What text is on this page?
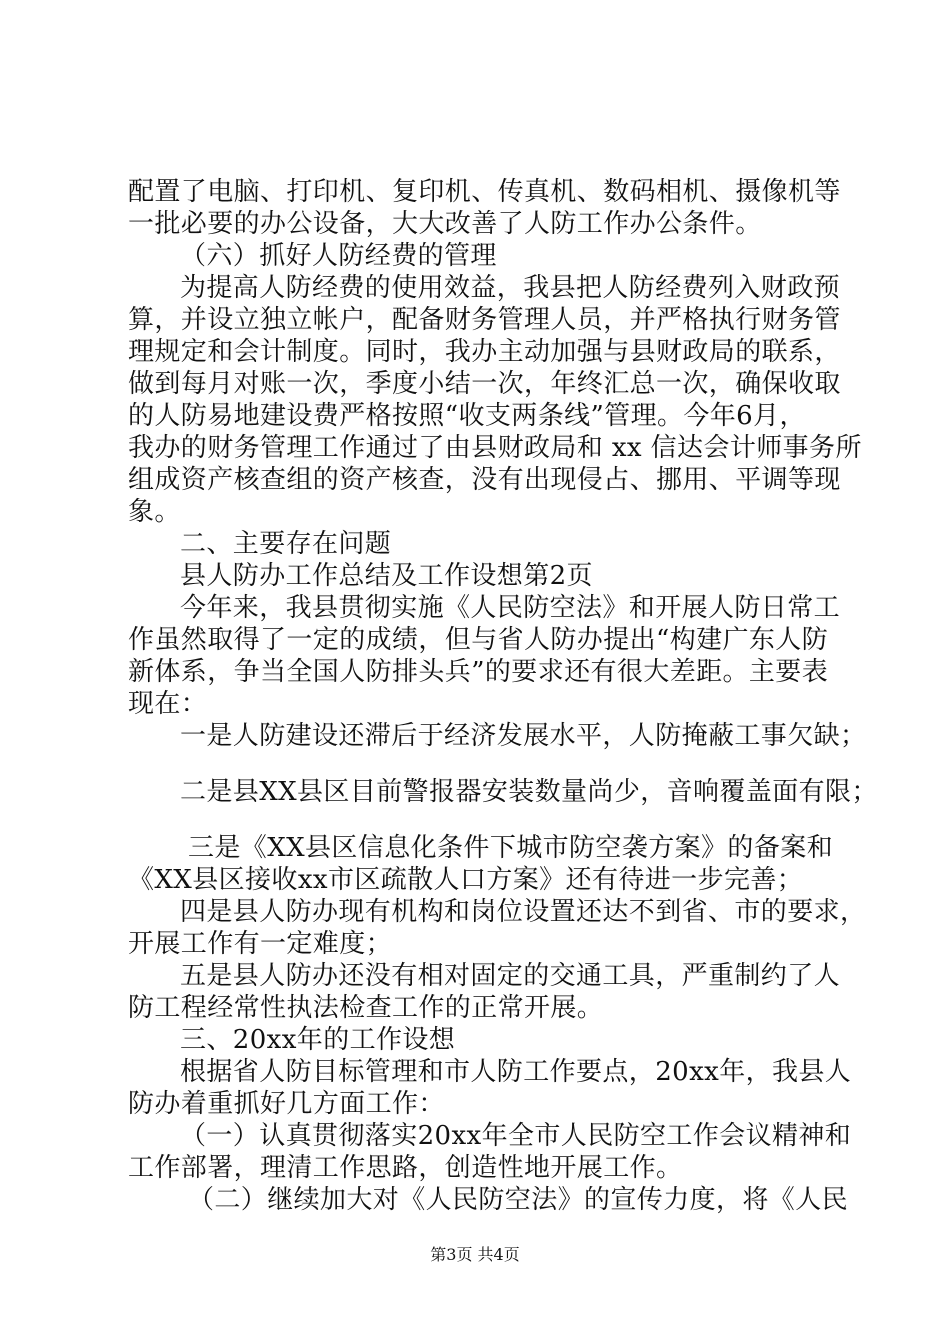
配置了电脑、打印机、复印机、传真机、数码相机、摄像机等
一批必要的办公设备，大大改善了人防工作办公条件。
（六）抓好人防经费的管理
为提高人防经费的使用效益，我县把人防经费列入财政预
算，并设立独立帐户，配备财务管理人员，并严格执行财务管
理规定和会计制度。同时，我办主动加强与县财政局的联系，
做到每月对账一次，季度小结一次，年终汇总一次，确保收取
的人防易地建设费严格按照“收支两条线”管理。今年6月，
我办的财务管理工作通过了由县财政局和 xx 信达会计师事务所
组成资产核查组的资产核查，没有出现侵占、挪用、平调等现
象。
二、主要存在问题
县人防办工作总结及工作设想第2页
今年来，我县贯彻实施《人民防空法》和开展人防日常工
作虽然取得了一定的成绩，但与省人防办提出“构建广东人防
新体系，争当全国人防排头兵”的要求还有很大差距。主要表
现在：
一是人防建设还滞后于经济发展水平，人防掩蔽工事欠缺；
二是县XX县区目前警报器安装数量尚少，音响覆盖面有限；
三是《XX县区信息化条件下城市防空袭方案》的备案和
《XX县区接收xx市区疏散人口方案》还有待进一步完善；
四是县人防办现有机构和岗位设置还达不到省、市的要求，
开展工作有一定难度；
五是县人防办还没有相对固定的交通工具，严重制约了人
防工程经常性执法检查工作的正常开展。
三、20xx年的工作设想
根据省人防目标管理和市人防工作要点，20xx年，我县人
防办着重抓好几方面工作：
（一）认真贯彻落实20xx年全市人民防空工作会议精神和
工作部署，理清工作思路，创造性地开展工作。
（二）继续加大对《人民防空法》的宣传力度，将《人民
第3页 共4页
